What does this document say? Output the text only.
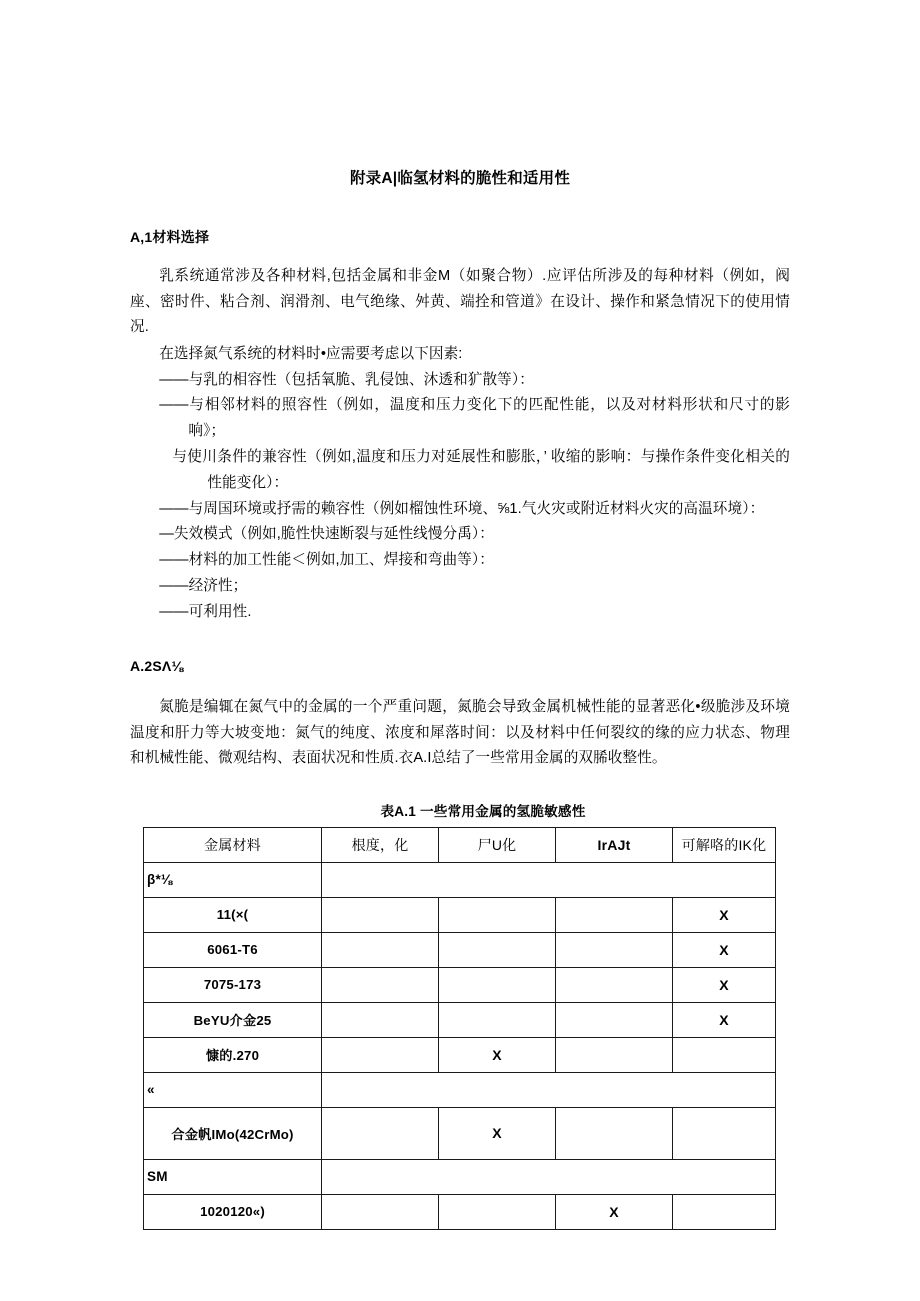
附录A|临氢材料的脆性和适用性
A,1材料选择
乳系统通常涉及各种材料,包括金属和非金M（如聚合物）.应评估所涉及的每种材料（例如，阀座、密时件、粘合剂、润滑剂、电气绝缘、舛黄、端拴和管道》在设计、操作和紧急情况下的使用情况.
在选择氮气系统的材料时•应需要考虑以下因素:
——与乳的相容性（包括氧脆、乳侵蚀、沐透和犷散等）：
——与相邻材料的照容性（例如，温度和压力变化下的匹配性能，以及对材料形状和尺寸的影响》；
与使川条件的兼容性（例如,温度和压力对延展性和膨胀，’ 收缩的影响：与操作条件变化相关的性能变化）：
——与周国环境或抒需的赖容性（例如榴蚀性环境、⅝1.气火灾或附近材料火灾的高温环境）：
—失效模式（例如,脆性快速断裂与延性线慢分禹）：
——材料的加工性能＜例如,加工、焊接和弯曲等）：
——经济性；
——可利用性.
A.2SΛ⅛
氮脆是编辄在氮气中的金属的一个严重问题，氮脆会导致金属机械性能的显著恶化•级脆涉及环境温度和肝力等大坡变地：氮气的纯度、浓度和犀落时间：以及材料中任何裂纹的缘的应力状态、物理和机械性能、微观结构、表面状况和性质.衣A.I总结了一些常用金属的双脪收整性。
表A.1 一些常用金属的氢脆敏感性
金属材料	根度，化	尸U化	IrAJt	可解咯的IK化
β*⅛				
11(×(				X
6061-T6				X
7075-173				X
BeYU介金25				X
慷的.270		X		
«				
合金帆IMo(42CrMo)		X		
SM				
1020120«)			X	
